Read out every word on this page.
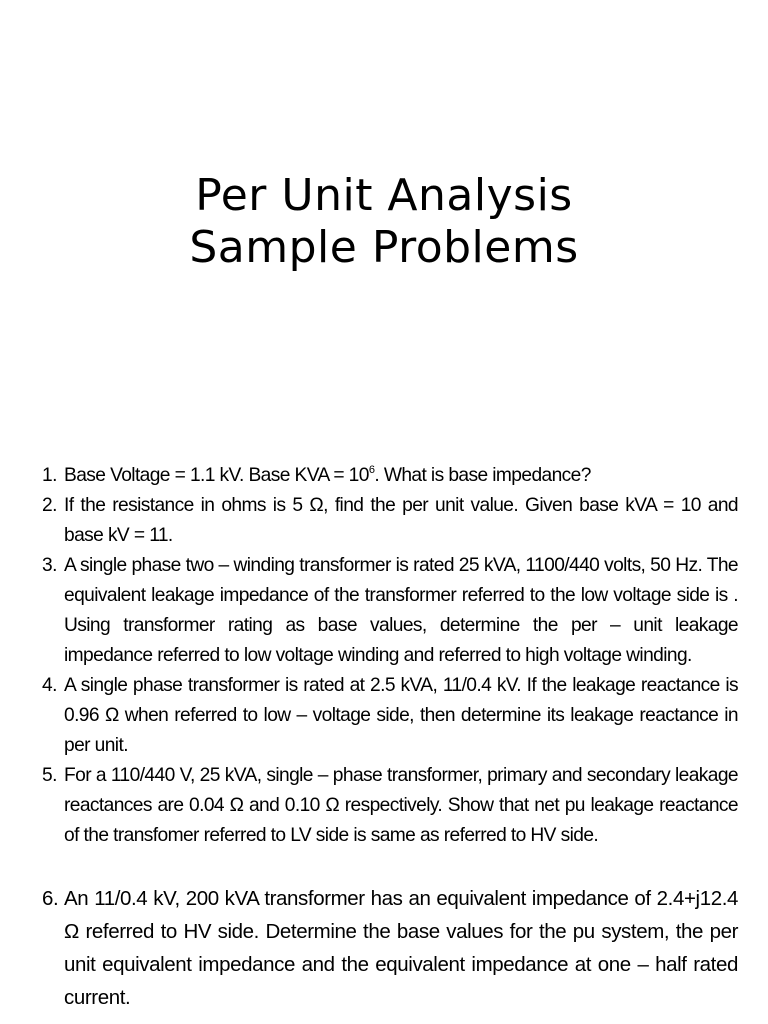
Per Unit Analysis
Sample Problems
1. Base Voltage = 1.1 kV. Base KVA = $10^6$. What is base impedance?
2. If the resistance in ohms is 5 Ω, find the per unit value. Given base kVA = 10 and base kV = 11.
3. A single phase two – winding transformer is rated 25 kVA, 1100/440 volts, 50 Hz. The equivalent leakage impedance of the transformer referred to the low voltage side is . Using transformer rating as base values, determine the per – unit leakage impedance referred to low voltage winding and referred to high voltage winding.
4. A single phase transformer is rated at 2.5 kVA, 11/0.4 kV. If the leakage reactance is 0.96 Ω when referred to low – voltage side, then determine its leakage reactance in per unit.
5. For a 110/440 V, 25 kVA, single – phase transformer, primary and secondary leakage reactances are 0.04 Ω and 0.10 Ω respectively. Show that net pu leakage reactance of the transfomer referred to LV side is same as referred to HV side.
6. An 11/0.4 kV, 200 kVA transformer has an equivalent impedance of 2.4+j12.4 Ω referred to HV side. Determine the base values for the pu system, the per unit equivalent impedance and the equivalent impedance at one – half rated current.
